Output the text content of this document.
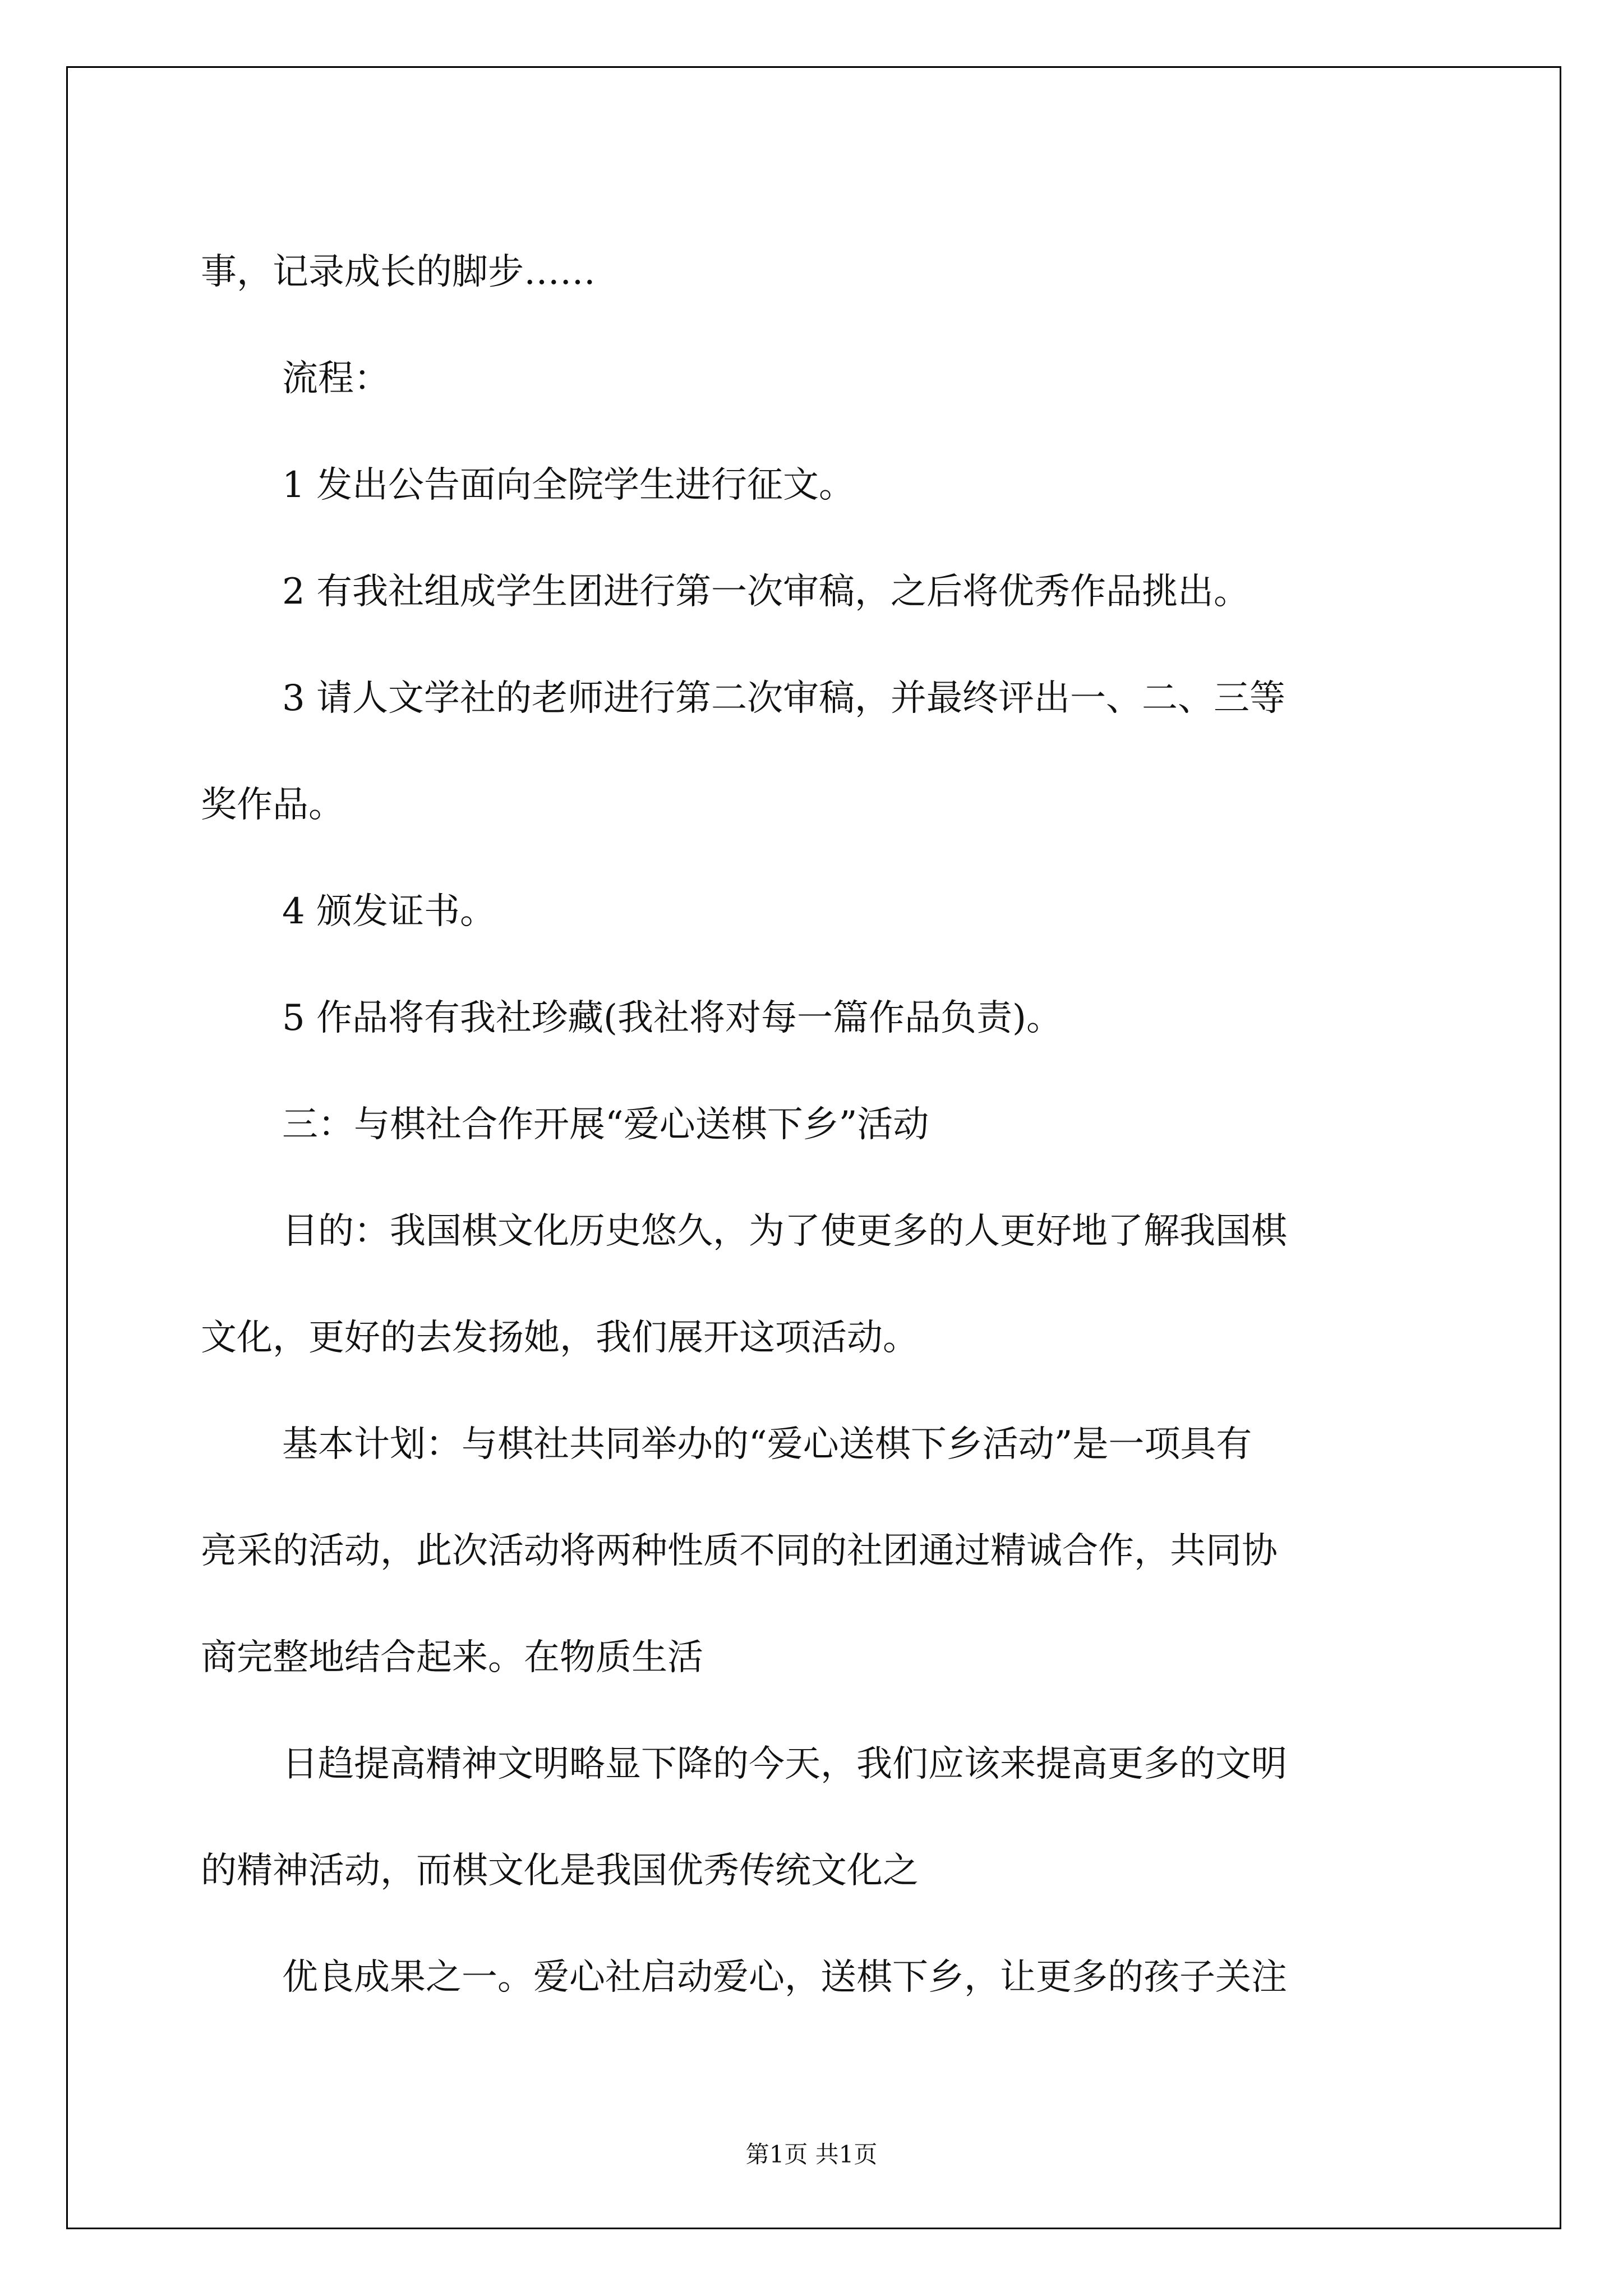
事，记录成长的脚步……
流程：
1 发出公告面向全院学生进行征文。
2 有我社组成学生团进行第一次审稿，之后将优秀作品挑出。
3 请人文学社的老师进行第二次审稿，并最终评出一、二、三等
奖作品。
4 颁发证书。
5 作品将有我社珍藏(我社将对每一篇作品负责)。
三：与棋社合作开展“爱心送棋下乡”活动
目的：我国棋文化历史悠久，为了使更多的人更好地了解我国棋
文化，更好的去发扬她，我们展开这项活动。
基本计划：与棋社共同举办的“爱心送棋下乡活动”是一项具有
亮采的活动，此次活动将两种性质不同的社团通过精诚合作，共同协
商完整地结合起来。在物质生活
日趋提高精神文明略显下降的今天，我们应该来提高更多的文明
的精神活动，而棋文化是我国优秀传统文化之
优良成果之一。爱心社启动爱心，送棋下乡，让更多的孩子关注
第1页 共1页
